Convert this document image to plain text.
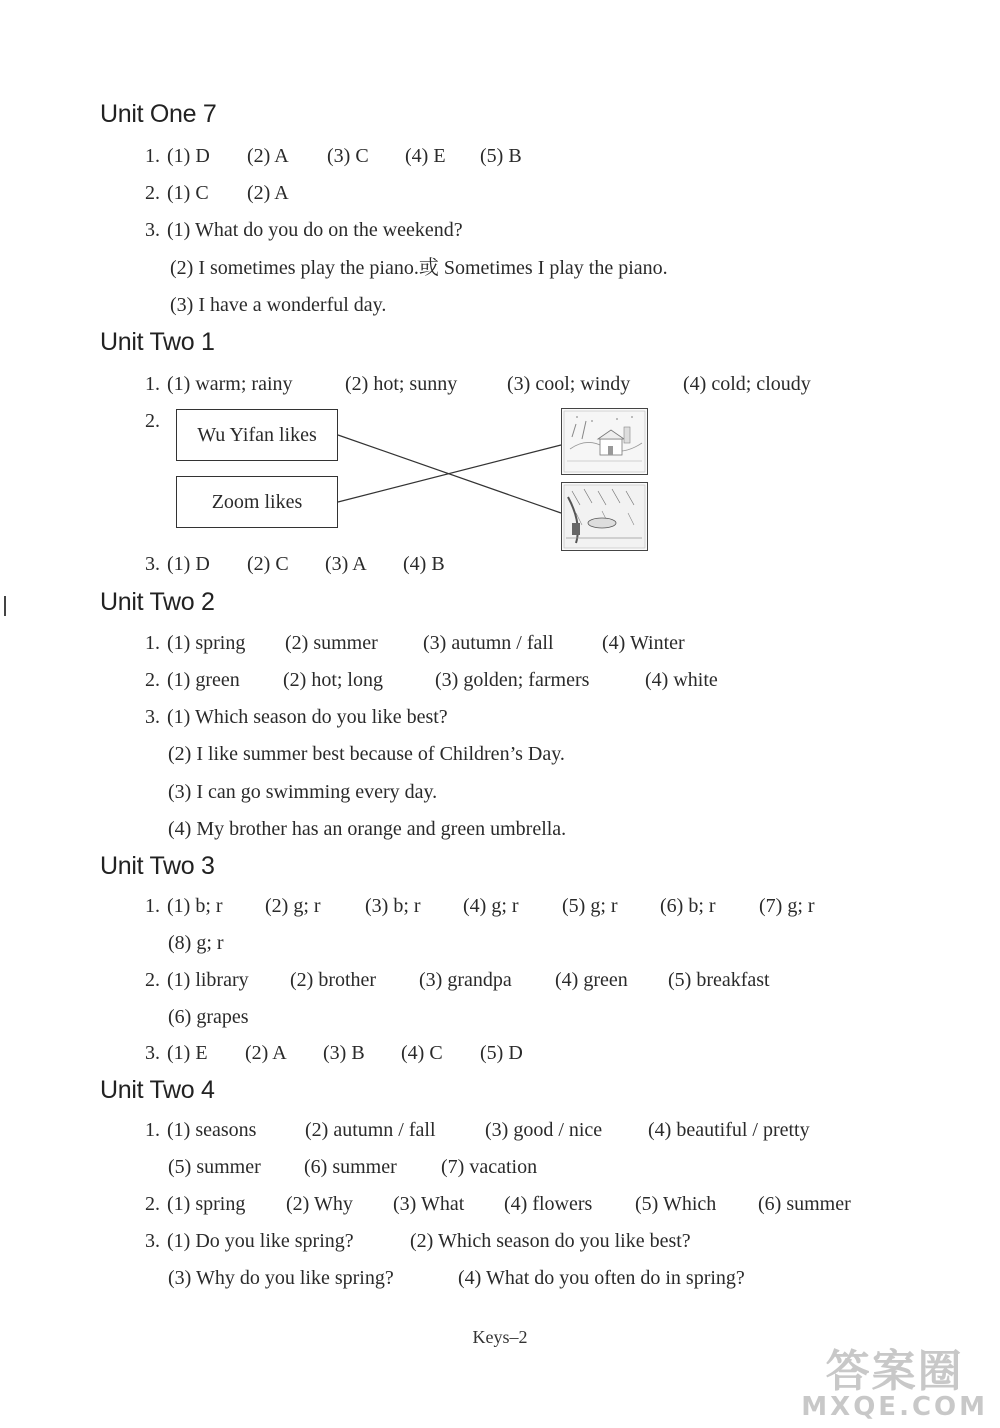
Unit One 7
1. (1) D (2) A (3) C (4) E (5) B
2. (1) C (2) A
3. (1) What do you do on the weekend?
(2) I sometimes play the piano.或 Sometimes I play the piano.
(3) I have a wonderful day.
Unit Two 1
1. (1) warm; rainy	(2) hot; sunny (3) cool; windy	(4) cold; cloudy
2.
Wu Yifan likes
Zoom likes
3. (1) D (2) C (3) A (4) B
Unit Two 2
1. (1) spring (2) summer (3) autumn / fall (4) Winter
2. (1) green (2) hot; long	(3) golden; farmers	(4) white
3. (1) Which season do you like best?
(2) I like summer best because of Children’s Day.
(3) I can go swimming every day.
(4) My brother has an orange and green umbrella.
Unit Two 3
1. (1) b; r (2) g; r (3) b; r (4) g; r (5) g; r (6) b; r (7) g; r
(8) g; r
2. (1) library (2) brother (3) grandpa (4) green (5) breakfast
(6) grapes
3. (1) E (2) A (3) B (4) C (5) D
Unit Two 4
1. (1) seasons (2) autumn / fall (3) good / nice (4) beautiful / pretty
(5) summer (6) summer (7) vacation
2. (1) spring (2) Why (3) What (4) flowers (5) Which (6) summer
3. (1) Do you like spring?	(2) Which season do you like best?
(3) Why do you like spring?	(4) What do you often do in spring?
Keys–2
答案圈
MXQE.COM
